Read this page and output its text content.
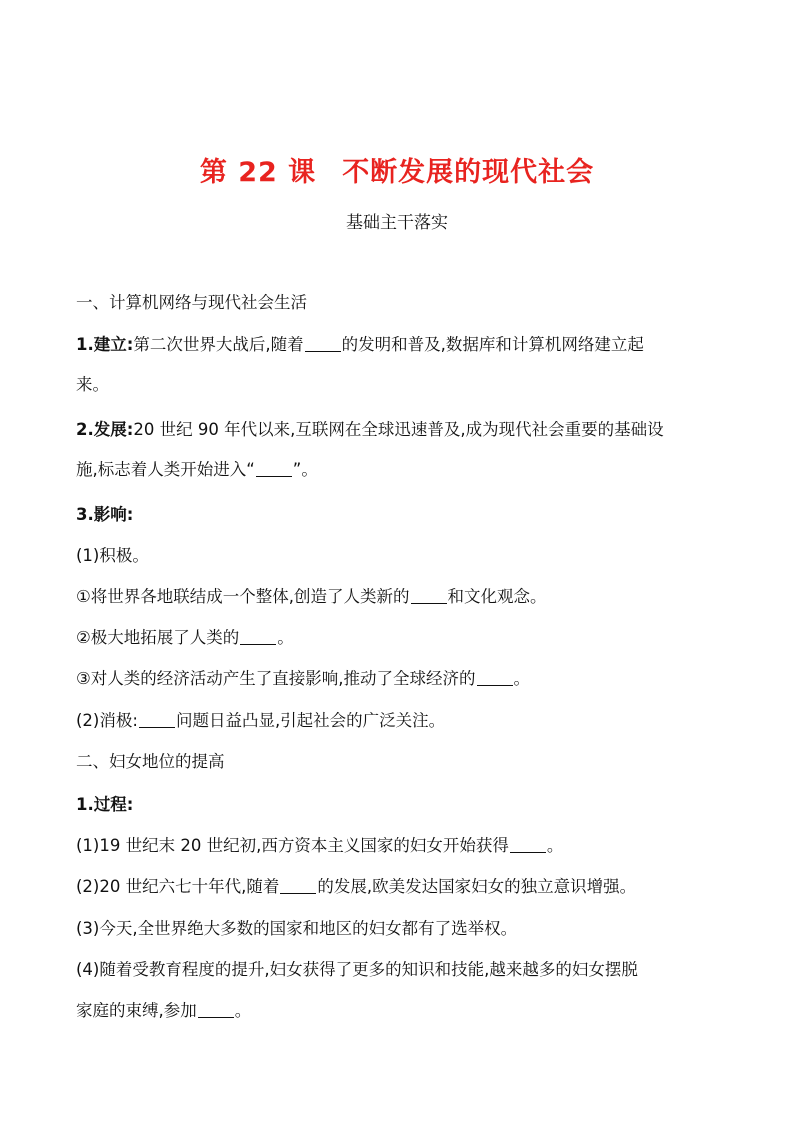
第 22 课 不断发展的现代社会
基础主干落实

一、计算机网络与现代社会生活

1.建立:第二次世界大战后,随着 的发明和普及,数据库和计算机网络建立起

来。

2.发展:20 世纪 90 年代以来,互联网在全球迅速普及,成为现代社会重要的基础设

施,标志着人类开始进入“ ”。

3.影响:

(1)积极。

①将世界各地联结成一个整体,创造了人类新的 和文化观念。

②极大地拓展了人类的 。

③对人类的经济活动产生了直接影响,推动了全球经济的 。

(2)消极: 问题日益凸显,引起社会的广泛关注。

二、妇女地位的提高

1.过程:

(1)19 世纪末 20 世纪初,西方资本主义国家的妇女开始获得 。

(2)20 世纪六七十年代,随着 的发展,欧美发达国家妇女的独立意识增强。

(3)今天,全世界绝大多数的国家和地区的妇女都有了选举权。

(4)随着受教育程度的提升,妇女获得了更多的知识和技能,越来越多的妇女摆脱

家庭的束缚,参加 。
